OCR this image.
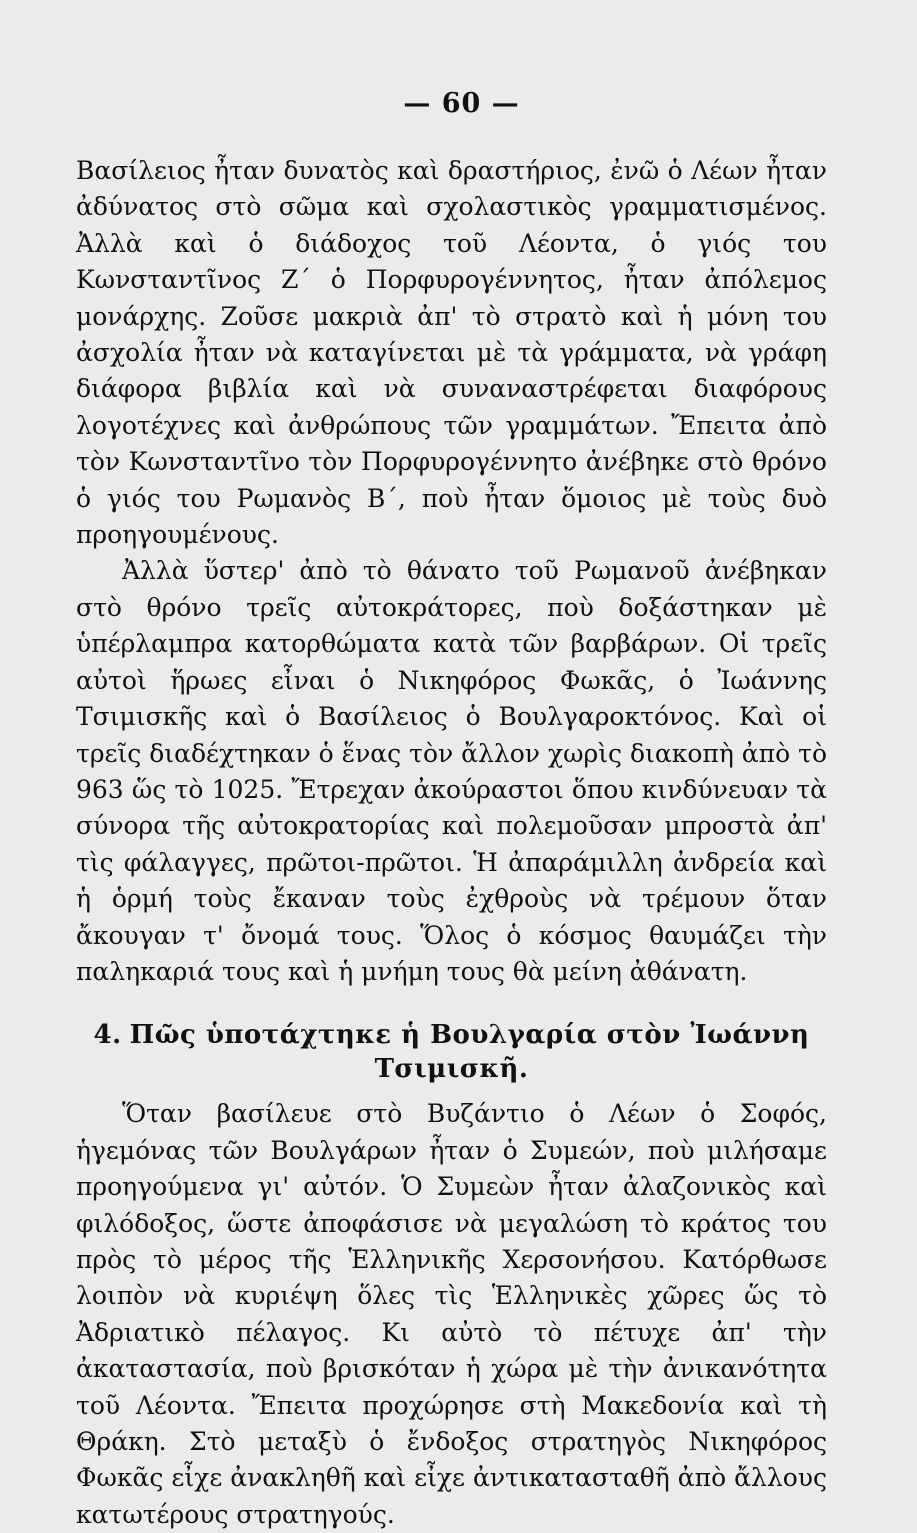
— 60 —

Βασίλειος ἦταν δυνατὸς καὶ δραστήριος, ἐνῶ ὁ Λέων ἦταν ἀδύνατος στὸ σῶμα καὶ σχολαστικὸς γραμματισμένος. Ἀλλὰ καὶ ὁ διάδοχος τοῦ Λέοντα, ὁ γιός του Κωνσταντῖνος Ζ΄ ὁ Πορφυρογέννητος, ἦταν ἀπόλεμος μονάρχης. Ζοῦσε μακριὰ ἀπ' τὸ στρατὸ καὶ ἡ μόνη του ἀσχολία ἦταν νὰ καταγίνεται μὲ τὰ γράμματα, νὰ γράφη διάφορα βιβλία καὶ νὰ συναναστρέφεται διαφόρους λογοτέχνες καὶ ἀνθρώπους τῶν γραμμάτων. Ἔπειτα ἀπὸ τὸν Κωνσταντῖνο τὸν Πορφυρογέννητο ἀνέβηκε στὸ θρόνο ὁ γιός του Ρωμανὸς Β΄, ποὺ ἦταν ὅμοιος μὲ τοὺς δυὸ προηγουμένους.

Ἀλλὰ ὕστερ' ἀπὸ τὸ θάνατο τοῦ Ρωμανοῦ ἀνέβηκαν στὸ θρόνο τρεῖς αὐτοκράτορες, ποὺ δοξάστηκαν μὲ ὑπέρλαμπρα κατορθώματα κατὰ τῶν βαρβάρων. Οἱ τρεῖς αὐτοὶ ἥρωες εἶναι ὁ Νικηφόρος Φωκᾶς, ὁ Ἰωάννης Τσιμισκῆς καὶ ὁ Βασίλειος ὁ Βουλγαροκτόνος. Καὶ οἱ τρεῖς διαδέχτηκαν ὁ ἕνας τὸν ἄλλον χωρὶς διακοπὴ ἀπὸ τὸ 963 ὥς τὸ 1025. Ἔτρεχαν ἀκούραστοι ὅπου κινδύνευαν τὰ σύνορα τῆς αὐτοκρατορίας καὶ πολεμοῦσαν μπροστὰ ἀπ' τὶς φάλαγγες, πρῶτοι-πρῶτοι. Ἡ ἀπαράμιλλη ἀνδρεία καὶ ἡ ὁρμή τοὺς ἔκαναν τοὺς ἐχθροὺς νὰ τρέμουν ὅταν ἄκουγαν τ' ὄνομά τους. Ὅλος ὁ κόσμος θαυμάζει τὴν παληκαριά τους καὶ ἡ μνήμη τους θὰ μείνη ἀθάνατη.

4. Πῶς ὑποτάχτηκε ἡ Βουλγαρία στὸν Ἰωάννη Τσιμισκῆ.

Ὅταν βασίλευε στὸ Βυζάντιο ὁ Λέων ὁ Σοφός, ἡγεμόνας τῶν Βουλγάρων ἦταν ὁ Συμεών, ποὺ μιλήσαμε προηγούμενα γι' αὐτόν. Ὁ Συμεὼν ἦταν ἀλαζονικὸς καὶ φιλόδοξος, ὥστε ἀποφάσισε νὰ μεγαλώση τὸ κράτος του πρὸς τὸ μέρος τῆς Ἑλληνικῆς Χερσονήσου. Κατόρθωσε λοιπὸν νὰ κυριέψη ὅλες τὶς Ἑλληνικὲς χῶρες ὥς τὸ Ἀδριατικὸ πέλαγος. Κι αὐτὸ τὸ πέτυχε ἀπ' τὴν ἀκαταστασία, ποὺ βρισκόταν ἡ χώρα μὲ τὴν ἀνικανότητα τοῦ Λέοντα. Ἔπειτα προχώρησε στὴ Μακεδονία καὶ τὴ Θράκη. Στὸ μεταξὺ ὁ ἔνδοξος στρατηγὸς Νικηφόρος Φωκᾶς εἶχε ἀνακληθῆ καὶ εἶχε ἀντικατασταθῆ ἀπὸ ἄλλους κατωτέρους στρατηγούς.
